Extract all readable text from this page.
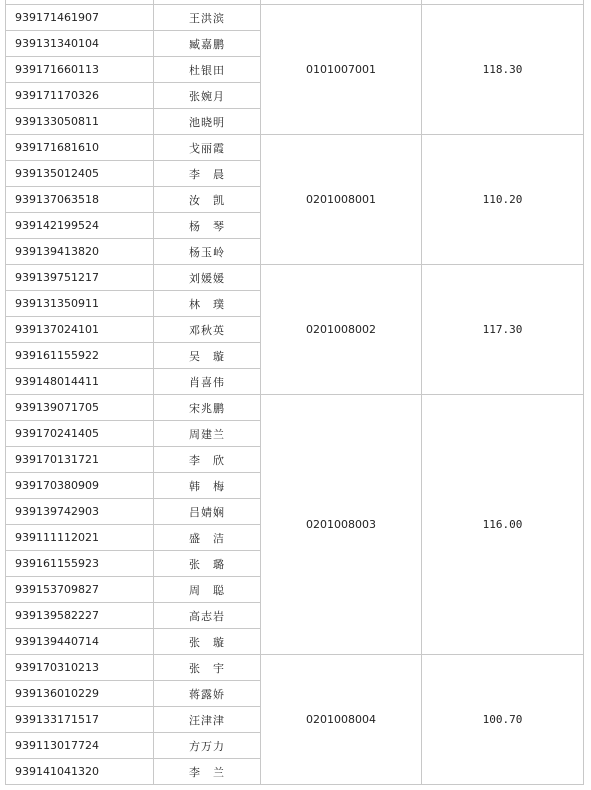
939171461907	王洪滨	0101007001	118.30
939131340104	臧嘉鹏		
939171660113	杜银田		
939171170326	张婉月		
939133050811	池晓明		
939171681610	戈丽霞	0201008001	110.20
939135012405	李　晨		
939137063518	汝　凯		
939142199524	杨　琴		
939139413820	杨玉岭		
939139751217	刘媛媛	0201008002	117.30
939131350911	林　璞		
939137024101	邓秋英		
939161155922	吴　璇		
939148014411	肖喜伟		
939139071705	宋兆鹏	0201008003	116.00
939170241405	周建兰		
939170131721	李　欣		
939170380909	韩　梅		
939139742903	吕婧娴		
939111112021	盛　洁		
939161155923	张　璐		
939153709827	周　聪		
939139582227	高志岩		
939139440714	张　璇		
939170310213	张　宇	0201008004	100.70
939136010229	蒋露娇		
939133171517	汪津津		
939113017724	方万力		
939141041320	李　兰		
